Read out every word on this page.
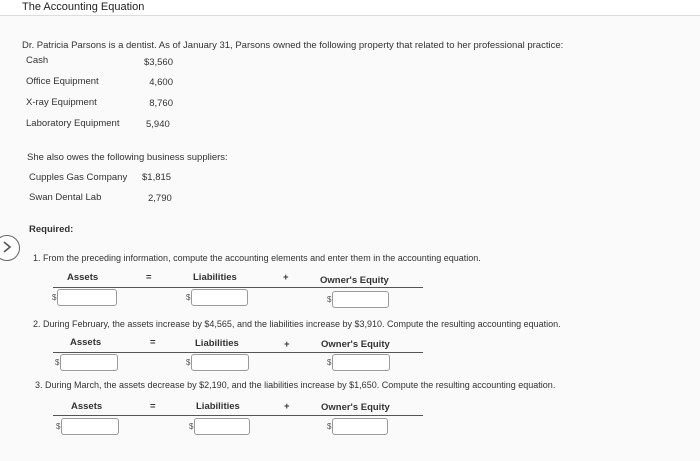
The Accounting Equation
Dr. Patricia Parsons is a dentist. As of January 31, Parsons owned the following property that related to her professional practice:
Cash	$3,560
Office Equipment	4,600
X-ray Equipment	8,760
Laboratory Equipment	5,940
She also owes the following business suppliers:
Cupples Gas Company $1,815
Swan Dental Lab	2,790
Required:
1. From the preceding information, compute the accounting elements and enter them in the accounting equation.
Assets	=	Liabilities	+	Owner's Equity
$	$	$
2. During February, the assets increase by $4,565, and the liabilities increase by $3,910. Compute the resulting accounting equation.
Assets	=	Liabilities	+	Owner's Equity
$	$	$
3. During March, the assets decrease by $2,190, and the liabilities increase by $1,650. Compute the resulting accounting equation.
Assets	=	Liabilities	+	Owner's Equity
$	$	$
